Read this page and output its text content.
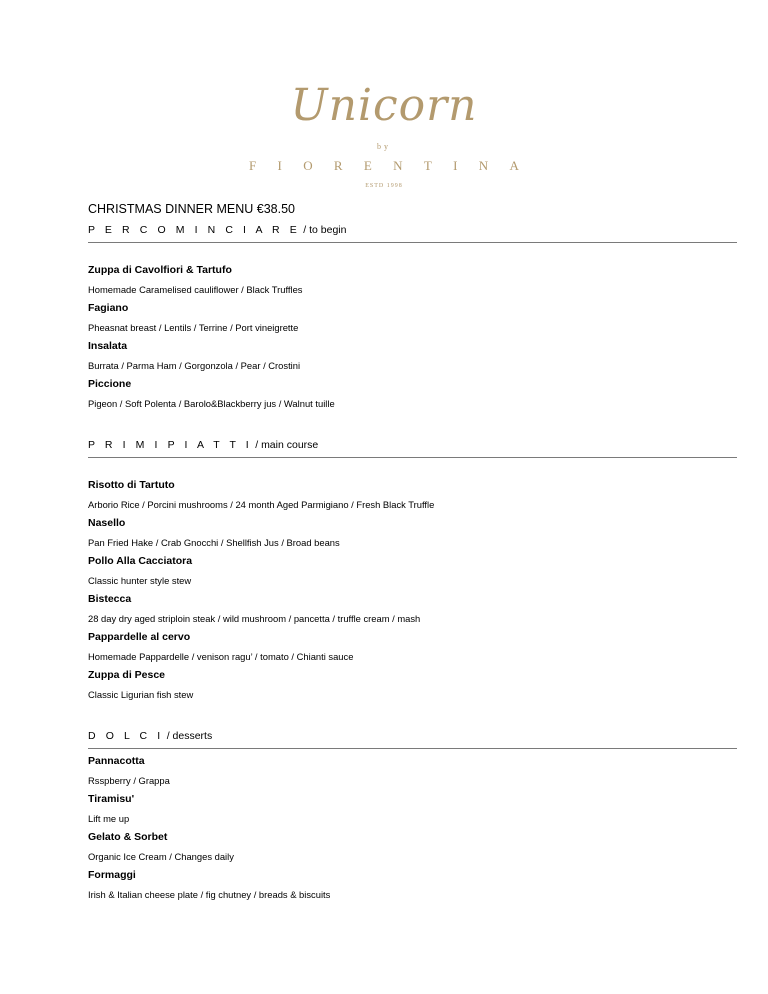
Unicorn
by
F I O R E N T I N A
ESTD 1998
CHRISTMAS DINNER MENU €38.50
P E R C O M I N C I A R E / to begin
Zuppa di Cavolfiori & Tartufo
Homemade Caramelised cauliflower / Black Truffles
Fagiano
Pheasnat breast / Lentils / Terrine / Port vineigrette
Insalata
Burrata / Parma Ham / Gorgonzola / Pear / Crostini
Piccione
Pigeon / Soft Polenta / Barolo&Blackberry jus / Walnut tuille
P R I M I P I A T T I / main course
Risotto di Tartuto
Arborio Rice / Porcini mushrooms / 24 month Aged Parmigiano / Fresh Black Truffle
Nasello
Pan Fried Hake / Crab Gnocchi / Shellfish Jus / Broad beans
Pollo Alla Cacciatora
Classic hunter style stew
Bistecca
28 day dry aged striploin steak / wild mushroom / pancetta / truffle cream / mash
Pappardelle al cervo
Homemade Pappardelle / venison ragu’ / tomato / Chianti sauce
Zuppa di Pesce
Classic Ligurian fish stew
D O L C I / desserts
Pannacotta
Rsspberry / Grappa
Tiramisu'
Lift me up
Gelato & Sorbet
Organic Ice Cream / Changes daily
Formaggi
Irish & Italian cheese plate / fig chutney / breads & biscuits
